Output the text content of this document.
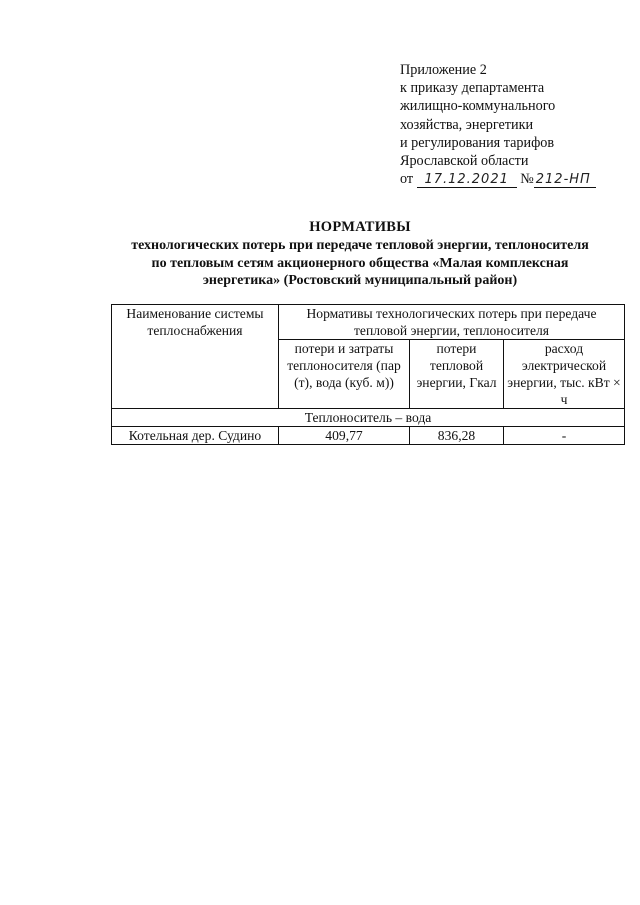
Приложение 2
к приказу департамента
жилищно-коммунального
хозяйства, энергетики
и регулирования тарифов
Ярославской области
от 17.12.2021 № 212-НП
НОРМАТИВЫ
технологических потерь при передаче тепловой энергии, теплоносителя
по тепловым сетям акционерного общества «Малая комплексная
энергетика» (Ростовский муниципальный район)
Наименование системы теплоснабжения	Нормативы технологических потерь при передаче тепловой энергии, теплоносителя		
	потери и затраты теплоносителя (пар (т), вода (куб. м))	потери тепловой энергии, Гкал	расход электрической энергии, тыс. кВт × ч
Теплоноситель – вода			
Котельная дер. Судино	409,77	836,28	-
